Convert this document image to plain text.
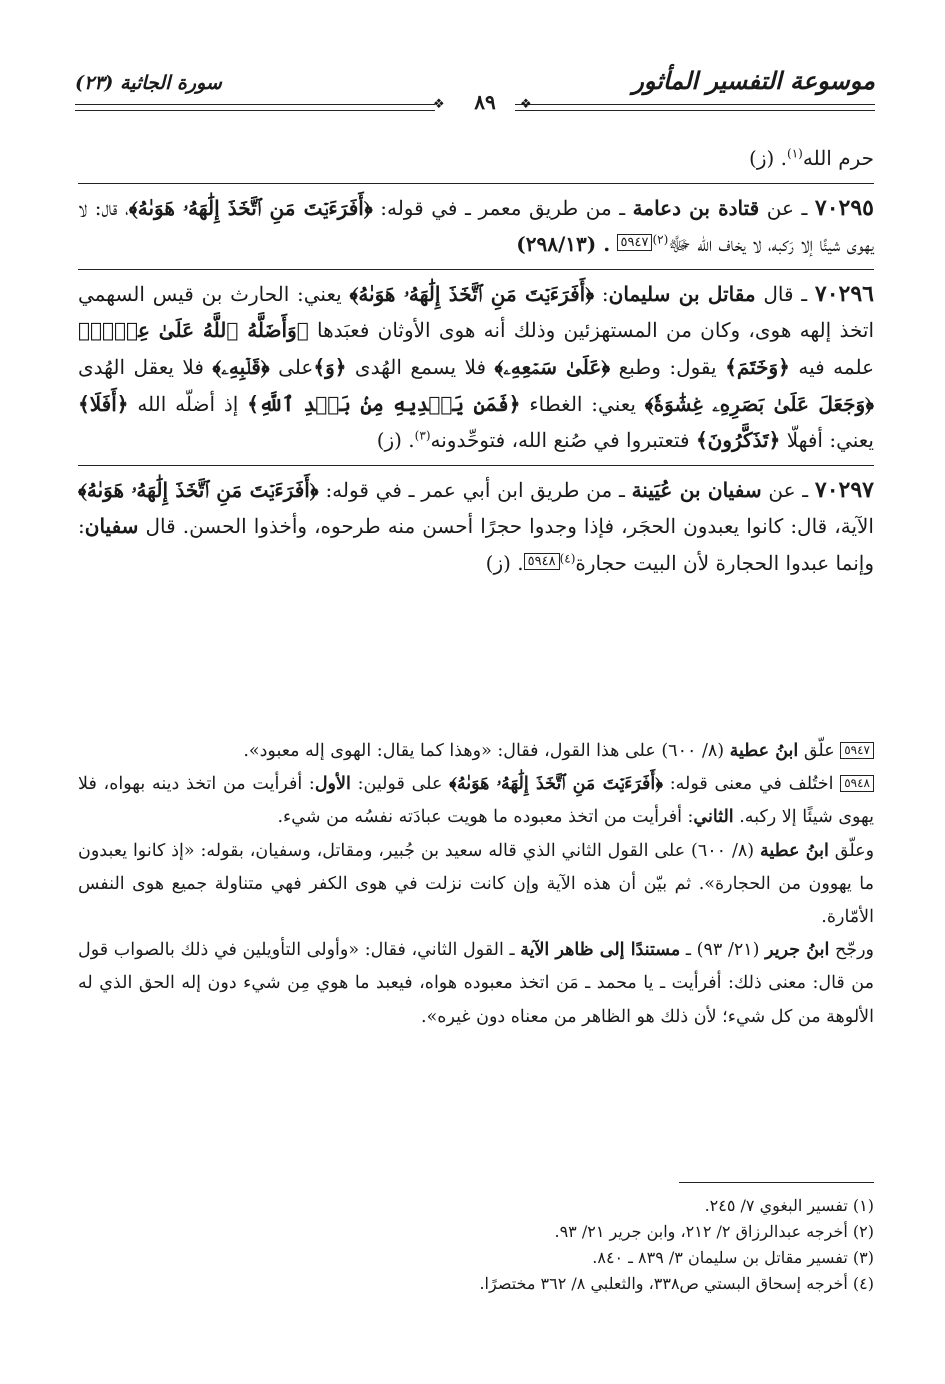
موسوعة التفسير المأثور
سورة الجاثية (٢٣)
❖	❖
٨٩

حرم الله$^{(١)}$. (ز)

٧٠٢٩٥ ـ عن قتادة بن دعامة ـ من طريق معمر ـ في قوله: ﴿أَفَرَءَيۡتَ مَنِ ٱتَّخَذَ إِلَٰهَهُۥ هَوَىٰهُ﴾، قال: لا يهوى شيئًا إلا رَكبه، لا يخاف الله ﷻ$^{(٢)}$٥٩٤٧ . (٢٩٨/١٣)

٧٠٢٩٦ ـ قال مقاتل بن سليمان: ﴿أَفَرَءَيۡتَ مَنِ ٱتَّخَذَ إِلَٰهَهُۥ هَوَىٰهُ﴾ يعني: الحارث بن قيس السهمي اتخذ إلهه هوى، وكان من المستهزئين وذلك أنه هوى الأوثان فعبَدها ﴿وَأَضَلَّهُ ٱللَّهُ عَلَىٰ عِلۡمٖ﴾ علمه فيه ﴿وَخَتَمَ﴾ يقول: وطبع ﴿عَلَىٰ سَمۡعِهِۦ﴾ فلا يسمع الهُدى ﴿وَ﴾على ﴿قَلۡبِهِۦ﴾ فلا يعقل الهُدى ﴿وَجَعَلَ عَلَىٰ بَصَرِهِۦ غِشَٰوَةٗ﴾ يعني: الغطاء ﴿فَمَن يَهۡدِيهِ مِنۢ بَعۡدِ ٱللَّهِ﴾ إذ أضلّه الله ﴿أَفَلَا﴾ يعني: أفهلّا ﴿تَذَكَّرُونَ﴾ فتعتبروا في صُنع الله، فتوحِّدونه$^{(٣)}$. (ز)

٧٠٢٩٧ ـ عن سفيان بن عُيَينة ـ من طريق ابن أبي عمر ـ في قوله: ﴿أَفَرَءَيۡتَ مَنِ ٱتَّخَذَ إِلَٰهَهُۥ هَوَىٰهُ﴾ الآية، قال: كانوا يعبدون الحجَر، فإذا وجدوا حجرًا أحسن منه طرحوه، وأخذوا الحسن. قال سفيان: وإنما عبدوا الحجارة لأن البيت حجارة$^{(٤)}$٥٩٤٨. (ز)

٥٩٤٧ علّق ابنُ عطية (٨/ ٦٠٠) على هذا القول، فقال: «وهذا كما يقال: الهوى إله معبود».

٥٩٤٨ اختُلف في معنى قوله: ﴿أَفَرَءَيۡتَ مَنِ ٱتَّخَذَ إِلَٰهَهُۥ هَوَىٰهُ﴾ على قولين: الأول: أفرأيت من اتخذ دينه بهواه، فلا يهوى شيئًا إلا ركبه. الثاني: أفرأيت من اتخذ معبوده ما هويت عبادَته نفسُه من شيء.

وعلّق ابنُ عطية (٨/ ٦٠٠) على القول الثاني الذي قاله سعيد بن جُبير، ومقاتل، وسفيان، بقوله: «إذ كانوا يعبدون ما يهوون من الحجارة». ثم بيّن أن هذه الآية وإن كانت نزلت في هوى الكفر فهي متناولة جميع هوى النفس الأمّارة.

ورجّح ابنُ جرير (٢١/ ٩٣) ـ مستندًا إلى ظاهر الآية ـ القول الثاني، فقال: «وأولى التأويلين في ذلك بالصواب قول من قال: معنى ذلك: أفرأيت ـ يا محمد ـ مَن اتخذ معبوده هواه، فيعبد ما هوي مِن شيء دون إله الحق الذي له الألوهة من كل شيء؛ لأن ذلك هو الظاهر من معناه دون غيره».

(١) تفسير البغوي ٧/ ٢٤٥.

(٢) أخرجه عبدالرزاق ٢/ ٢١٢، وابن جرير ٢١/ ٩٣.

(٣) تفسير مقاتل بن سليمان ٣/ ٨٣٩ ـ ٨٤٠.

(٤) أخرجه إسحاق البستي ص٣٣٨، والثعلبي ٨/ ٣٦٢ مختصرًا.
